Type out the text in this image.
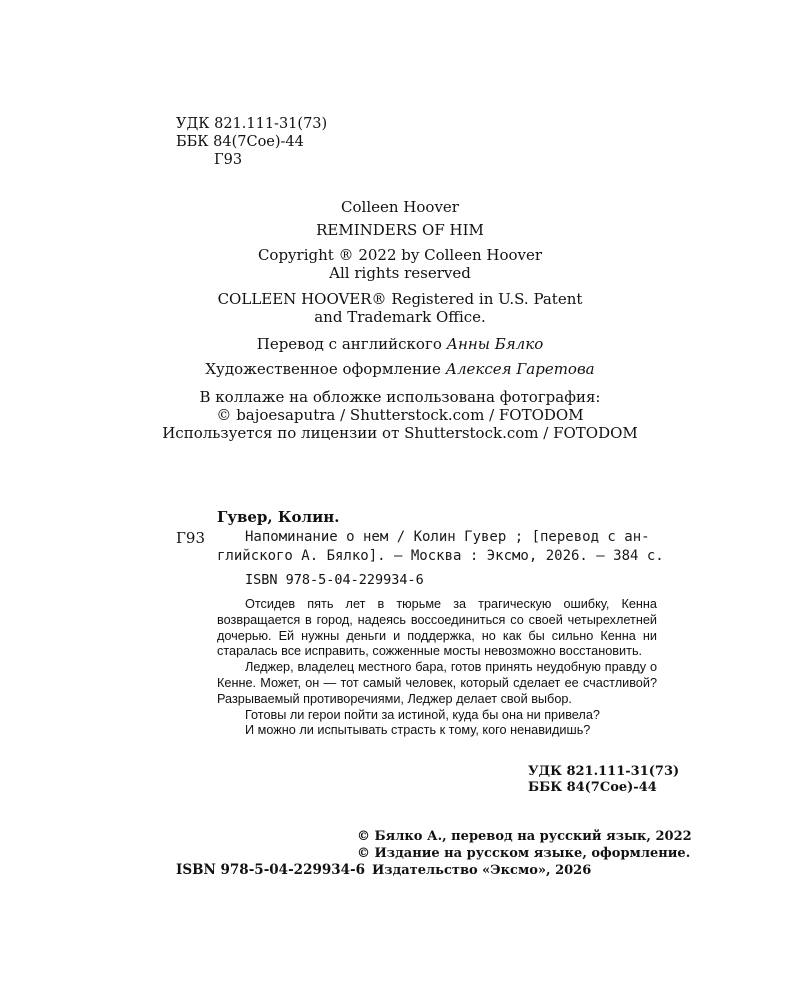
УДК 821.111-31(73)
ББК 84(7Сое)-44
Г93
Colleen Hoover
REMINDERS OF HIM
Copyright ® 2022 by Colleen Hoover
All rights reserved
COLLEEN HOOVER® Registered in U.S. Patent
and Trademark Office.
Перевод с английского Анны Бялко
Художественное оформление Алексея Гаретова
В коллаже на обложке использована фотография:
© bajoesaputra / Shutterstock.com / FOTODOM
Используется по лицензии от Shutterstock.com / FOTODOM
Гувер, Колин.
Г93	Напоминание о нем / Колин Гувер ; [перевод с ан-
глийского А. Бялко]. — Москва : Эксмо, 2026. — 384 с.
ISBN 978-5-04-229934-6

Отсидев пять лет в тюрьме за трагическую ошибку, Кенна возвращается в город, надеясь воссоединиться со своей четырехлетней дочерью. Ей нужны деньги и поддержка, но как бы сильно Кенна ни старалась все исправить, сожженные мосты невозможно восстановить.

Леджер, владелец местного бара, готов принять неудобную правду о Кенне. Может, он — тот самый человек, который сделает ее счастливой? Разрываемый противоречиями, Леджер делает свой выбор.

Готовы ли герои пойти за истиной, куда бы она ни привела?

И можно ли испытывать страсть к тому, кого ненавидишь?

УДК 821.111-31(73)
ББК 84(7Сое)-44
© Бялко А., перевод на русский язык, 2022
© Издание на русском языке, оформление.
Издательство «Эксмо», 2026
ISBN 978-5-04-229934-6
